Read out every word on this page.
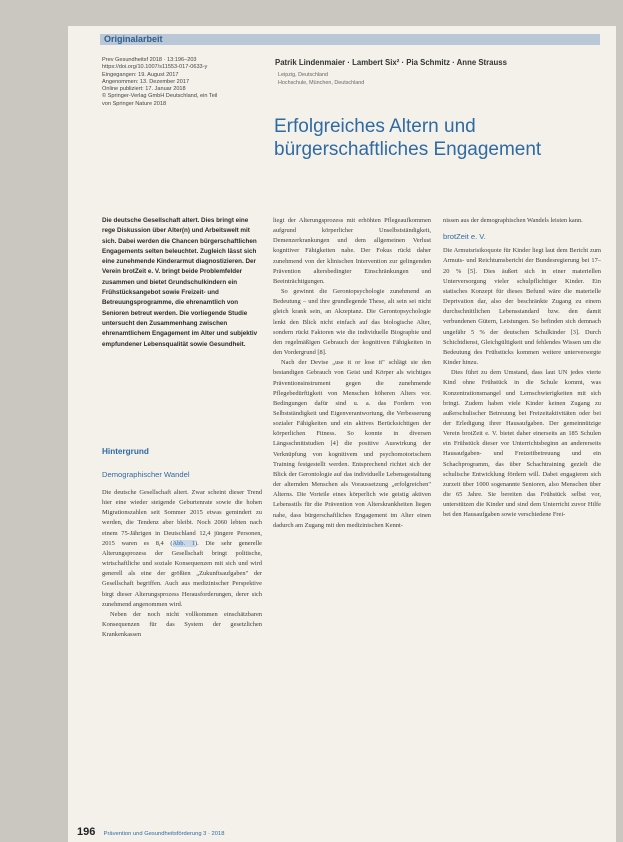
Originalarbeit
Prev Gesundheitsf 2018 · 13:196–203
https://doi.org/10.1007/s11553-017-0633-y
Eingegangen: 19. August 2017
Angenommen: 13. Dezember 2017
Online publiziert: 17. Januar 2018
© Springer-Verlag GmbH Deutschland, ein Teil
von Springer Nature 2018
Patrik Lindenmaier · Lambert Six² · Pia Schmitz · Anne Strauss
Leipzig, Deutschland
Hochschule, München, Deutschland
Erfolgreiches Altern und
bürgerschaftliches Engagement
Die deutsche Gesellschaft altert. Dies bringt eine rege Diskussion über Alter(n) und Arbeitswelt mit sich. Dabei werden die Chancen bürgerschaftlichen Engagements selten beleuchtet. Zugleich lässt sich eine zunehmende Kinderarmut diagnostizieren. Der Verein brotZeit e. V. bringt beide Problemfelder zusammen und bietet Grundschulkindern ein Frühstücksangebot sowie Freizeit- und Betreuungsprogramme, die ehrenamtlich von Senioren betreut werden. Die vorliegende Studie untersucht den Zusammenhang zwischen ehrenamtlichem Engagement im Alter und subjektiv empfundener Lebensqualität sowie Gesundheit.
Hintergrund
Demographischer Wandel

Die deutsche Gesellschaft altert. Zwar scheint dieser Trend hier eine wieder steigende Geburtenrate sowie die hohen Migrationszahlen seit Sommer 2015 etwas gemindert zu werden, die Tendenz aber bleibt. Noch 2060 lebten nach einem 75-Jährigen in Deutschland 12,4 jüngere Personen, 2015 waren es 8,4 (Abb. 1). Die sehr generelle Alterungsprozess der Gesellschaft bringt politische, wirtschaftliche und soziale Konsequenzen mit sich und wird generell als eine der größten „Zukunftsaufgaben" der Gesellschaft begriffen. Auch aus medizinischer Perspektive birgt dieser Alterungsprozess Herausforderungen, derer sich zunehmend angenommen wird.

Neben der noch nicht vollkommen einschätzbaren Konsequenzen für das System der gesetzlichen Krankenkassen

liegt der Alterungsprozess mit erhöhten Pflegeaufkommen aufgrund körperlicher Unselbstständigkeit, Demenzerkrankungen und dem allgemeinen Verlust kognitiver Fähigkeiten nahe. Der Fokus rückt daher zunehmend von der klinischen Intervention zur gelingenden Prävention altersbedingter Einschränkungen und Beeinträchtigungen.

So gewinnt die Gerontopsychologie zunehmend an Bedeutung – und ihre grundlegende These, alt sein sei nicht gleich krank sein, an Akzeptanz. Die Gerontopsychologie lenkt den Blick nicht einfach auf das biologische Alter, sondern rückt Faktoren wie die individuelle Biographie und den regelmäßigen Gebrauch der kognitiven Fähigkeiten in den Vordergrund [8].

Nach der Devise „use it or lose it" schlägt sie den bestandigen Gebrauch von Geist und Körper als wichtiges Präventionsinstrument gegen die zunehmende Pflegebedürftigkeit von Menschen höheren Alters vor. Bedingungen dafür sind u. a. das Fordern von Selbstständigkeit und Eigenverantwortung, die Verbesserung sozialer Fähigkeiten und ein aktives Berücksichtigen der körperlichen Fitness. So konnte in diversen Längsschnittstudien [4] die positive Auswirkung der Verknüpfung von kognitivem und psychomotorischem Training festgestellt werden. Entsprechend richtet sich der Blick der Gerontologie auf das individuelle Lebensgestaltung der alternden Menschen als Voraussetzung „erfolgreichen" Alterns. Die Vorteile eines körperlich wie geistig aktiven Lebensstils für die Prävention von Alterskrankheiten liegen nahe, dass bürgerschaftliches Engagement im Alter einen dadurch am Zugang mit den medizinischen Kennt-

nissen aus der demographischen Wandels leisten kann.

brotZeit e. V.

Die Armutsrisikoquote für Kinder liegt laut dem Bericht zum Armuts- und Reichtumsbericht der Bundesregierung bei 17–20 % [5]. Dies äußert sich in einer materiellen Unterversorgung vieler schulpflichtiger Kinder. Ein statisches Konzept für dieses Befund wäre die materielle Deprivation dar, also der beschränkte Zugang zu einem durchschnittlichen Lebensstandard bzw. den damit verbundenen Gütern, Leistungen. So befinden sich demnach ungefähr 5 % der deutschen Schulkinder [3]. Durch Schichtdienst, Gleichgültigkeit und fehlendes Wissen um die Bedeutung des Frühstücks kommen weitere unterversorgte Kinder hinzu.

Dies führt zu dem Umstand, dass laut UN jedes vierte Kind ohne Frühstück in die Schule kommt, was Konzentrationsmangel und Lernschwierigkeiten mit sich bringt. Zudem haben viele Kinder keinen Zugang zu außerschulischer Betreuung bei Freizeitaktivitäten oder bei der Erledigung ihrer Hausaufgaben. Der gemeinnützige Verein brotZeit e. V. bietet daher einerseits an 185 Schulen ein Frühstück dieser vor Unterrichtsbeginn an andererseits Hausaufgaben- und Freizeitbetreuung und ein Schachprogramm, das über Schachtraining gezielt die schulische Entwicklung fördern will. Dabei engagieren sich zurzeit über 1000 sogenannte Senioren, also Menschen über die 65 Jahre. Sie bereiten das Frühstück selbst vor, unterstützen die Kinder und sind dem Unterricht zuvor Hilfe bei den Hausaufgaben sowie verschiedene Frei-

196 Prävention und Gesundheitsförderung 3 · 2018
